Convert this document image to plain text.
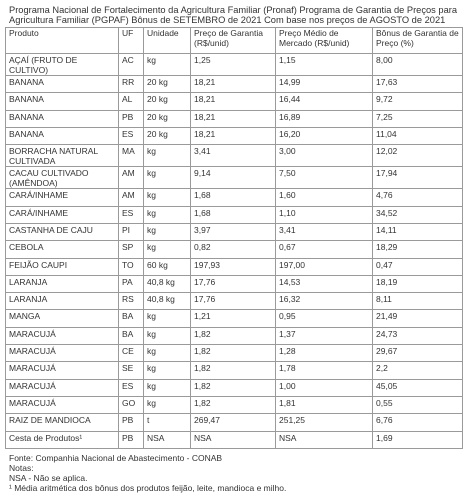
Programa Nacional de Fortalecimento da Agricultura Familiar (Pronaf) Programa de Garantia de Preços para Agricultura Familiar (PGPAF) Bônus de SETEMBRO de 2021 Com base nos preços de AGOSTO de 2021
Produto	UF	Unidade	Preço de Garantia (R$/unid)	Preço Médio de Mercado (R$/unid)	Bônus de Garantia de Preço (%)
AÇAÍ (FRUTO DE CULTIVO)	AC	kg	1,25	1,15	8,00
BANANA	RR	20 kg	18,21	14,99	17,63
BANANA	AL	20 kg	18,21	16,44	9,72
BANANA	PB	20 kg	18,21	16,89	7,25
BANANA	ES	20 kg	18,21	16,20	11,04
BORRACHA NATURAL CULTIVADA	MA	kg	3,41	3,00	12,02
CACAU CULTIVADO (AMÊNDOA)	AM	kg	9,14	7,50	17,94
CARÁ/INHAME	AM	kg	1,68	1,60	4,76
CARÁ/INHAME	ES	kg	1,68	1,10	34,52
CASTANHA DE CAJU	PI	kg	3,97	3,41	14,11
CEBOLA	SP	kg	0,82	0,67	18,29
FEIJÃO CAUPI	TO	60 kg	197,93	197,00	0,47
LARANJA	PA	40,8 kg	17,76	14,53	18,19
LARANJA	RS	40,8 kg	17,76	16,32	8,11
MANGA	BA	kg	1,21	0,95	21,49
MARACUJÁ	BA	kg	1,82	1,37	24,73
MARACUJÁ	CE	kg	1,82	1,28	29,67
MARACUJÁ	SE	kg	1,82	1,78	2,2
MARACUJÁ	ES	kg	1,82	1,00	45,05
MARACUJÁ	GO	kg	1,82	1,81	0,55
RAIZ DE MANDIOCA	PB	t	269,47	251,25	6,76
Cesta de Produtos¹	PB	NSA	NSA	NSA	1,69
Fonte: Companhia Nacional de Abastecimento - CONAB
Notas:
NSA - Não se aplica.
¹ Média aritmética dos bônus dos produtos feijão, leite, mandioca e milho.
